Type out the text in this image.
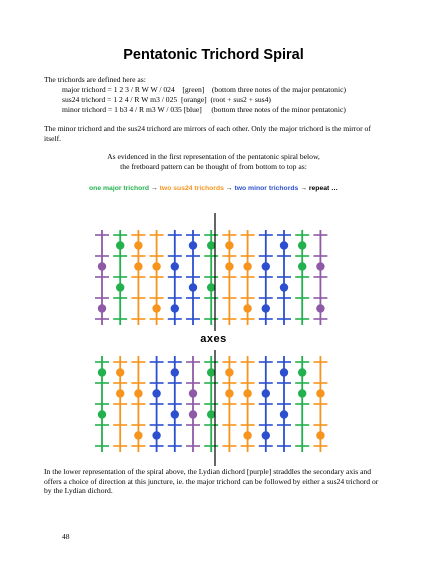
Pentatonic Trichord Spiral
The trichords are defined here as:
major trichord = 1 2 3 / R W W / 024    [green]    (bottom three notes of the major pentatonic)
sus24 trichord = 1 2 4 / R W m3 / 025  [orange]  (root + sus2 + sus4)
minor trichord = 1 b3 4 / R m3 W / 035 [blue]     (bottom three notes of the minor pentatonic)
The minor trichord and the sus24 trichord are mirrors of each other. Only the major trichord is the mirror of itself.
As evidenced in the first representation of the pentatonic spiral below,
the fretboard pattern can be thought of from bottom to top as:
one major trichord → two sus24 trichords → two minor trichords → repeat …
axes
In the lower representation of the spiral above, the Lydian dichord [purple] straddles the secondary axis and offers a choice of direction at this juncture, ie. the major trichord can be followed by either a sus24 trichord or by the Lydian dichord.
48
